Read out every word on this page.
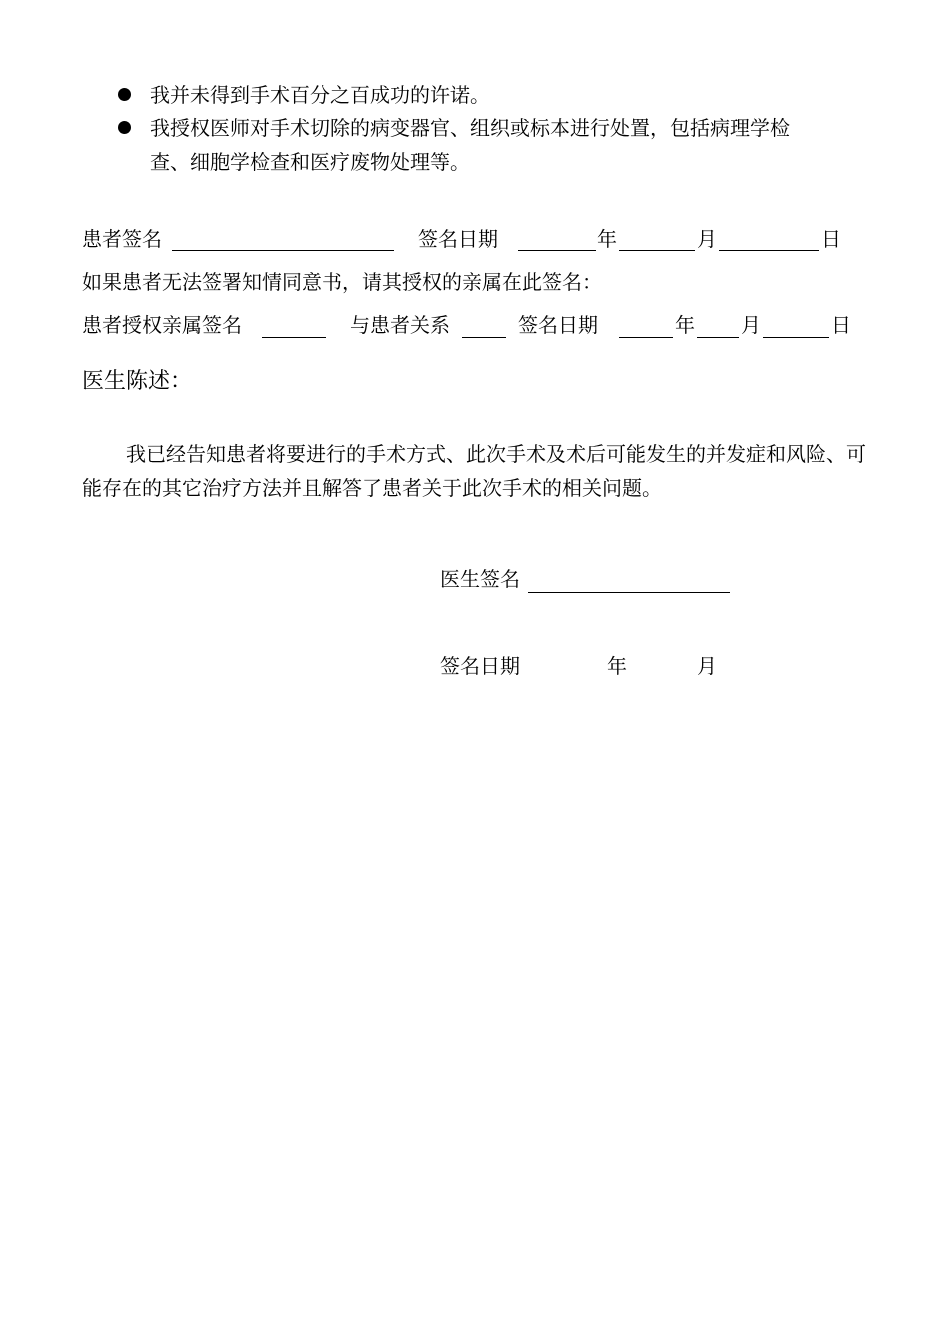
我并未得到手术百分之百成功的许诺。
我授权医师对手术切除的病变器官、组织或标本进行处置，包括病理学检
查、细胞学检查和医疗废物处理等。
患者签名	签名日期	年	月	日
如果患者无法签署知情同意书，请其授权的亲属在此签名：
患者授权亲属签名	与患者关系	签名日期	年 月	日
医生陈述：
我已经告知患者将要进行的手术方式、此次手术及术后可能发生的并发症和风险、可能存在的其它治疗方法并且解答了患者关于此次手术的相关问题。
医生签名
签名日期	年	月
